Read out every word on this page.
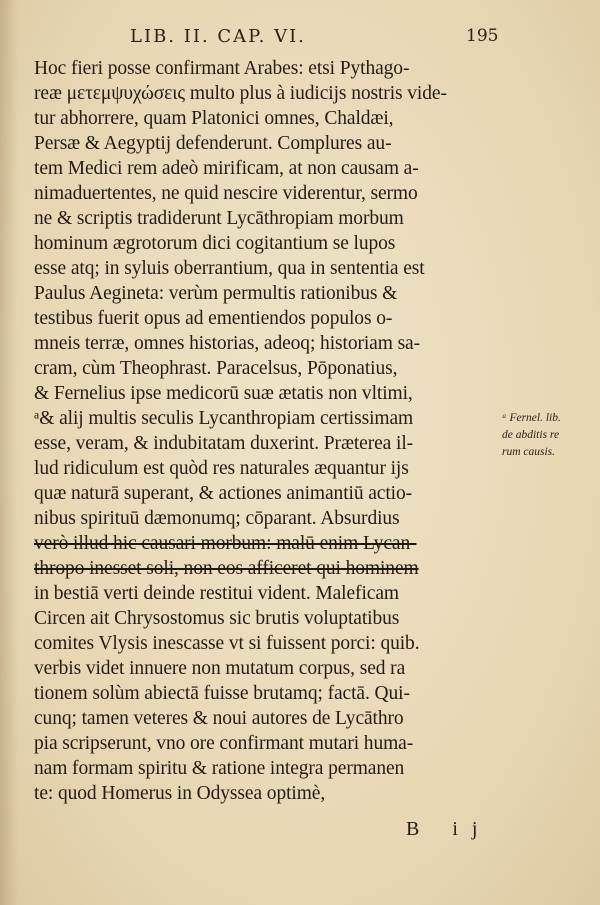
LIB. II. CAP. VI.	195
Hoc fieri posse confirmant Arabes: etsi Pythago-
reæ μετεμψυχώσεις multo plus à iudicijs nostris vide-
tur abhorrere, quam Platonici omnes, Chaldæi,
Persæ & Aegyptij defenderunt. Complures au-
tem Medici rem adeò mirificam, at non causam a-
nimaduertentes, ne quid nescire viderentur, sermo
ne & scriptis tradiderunt Lycāthropiam morbum
hominum ægrotorum dici cogitantium se lupos
esse atq; in syluis oberrantium, qua in sententia est
Paulus Aegineta: verùm permultis rationibus &
testibus fuerit opus ad ementiendos populos o-
mneis terræ, omnes historias, adeoq; historiam sa-
cram, cùm Theophrast. Paracelsus, Pōponatius,
& Fernelius ipse medicorū suæ ætatis non vltimi,
ᵃ& alij multis seculis Lycanthropiam certissimam
esse, veram, & indubitatam duxerint. Præterea il-
lud ridiculum est quòd res naturales æquantur ijs
quæ naturā superant, & actiones animantiū actio-
nibus spirituū dæmonumq; cōparant. Absurdius
verò illud hic causari morbum: malū enim Lycan-
thropo inesset soli, non eos afficeret qui hominem
in bestiā verti deinde restitui vident. Maleficam
Circen ait Chrysostomus sic brutis voluptatibus
comites Vlysis inescasse vt si fuissent porci: quib.
verbis videt innuere non mutatum corpus, sed ra
tionem solùm abiectā fuisse brutamq; factā. Qui-
cunq; tamen veteres & noui autores de Lycāthro
pia scripserunt, vno ore confirmant mutari huma-
nam formam spiritu & ratione integra permanen
te: quod Homerus in Odyssea optimè,
ᵃ Fernel. lib.
de abditis re
rum causis.
B ij
